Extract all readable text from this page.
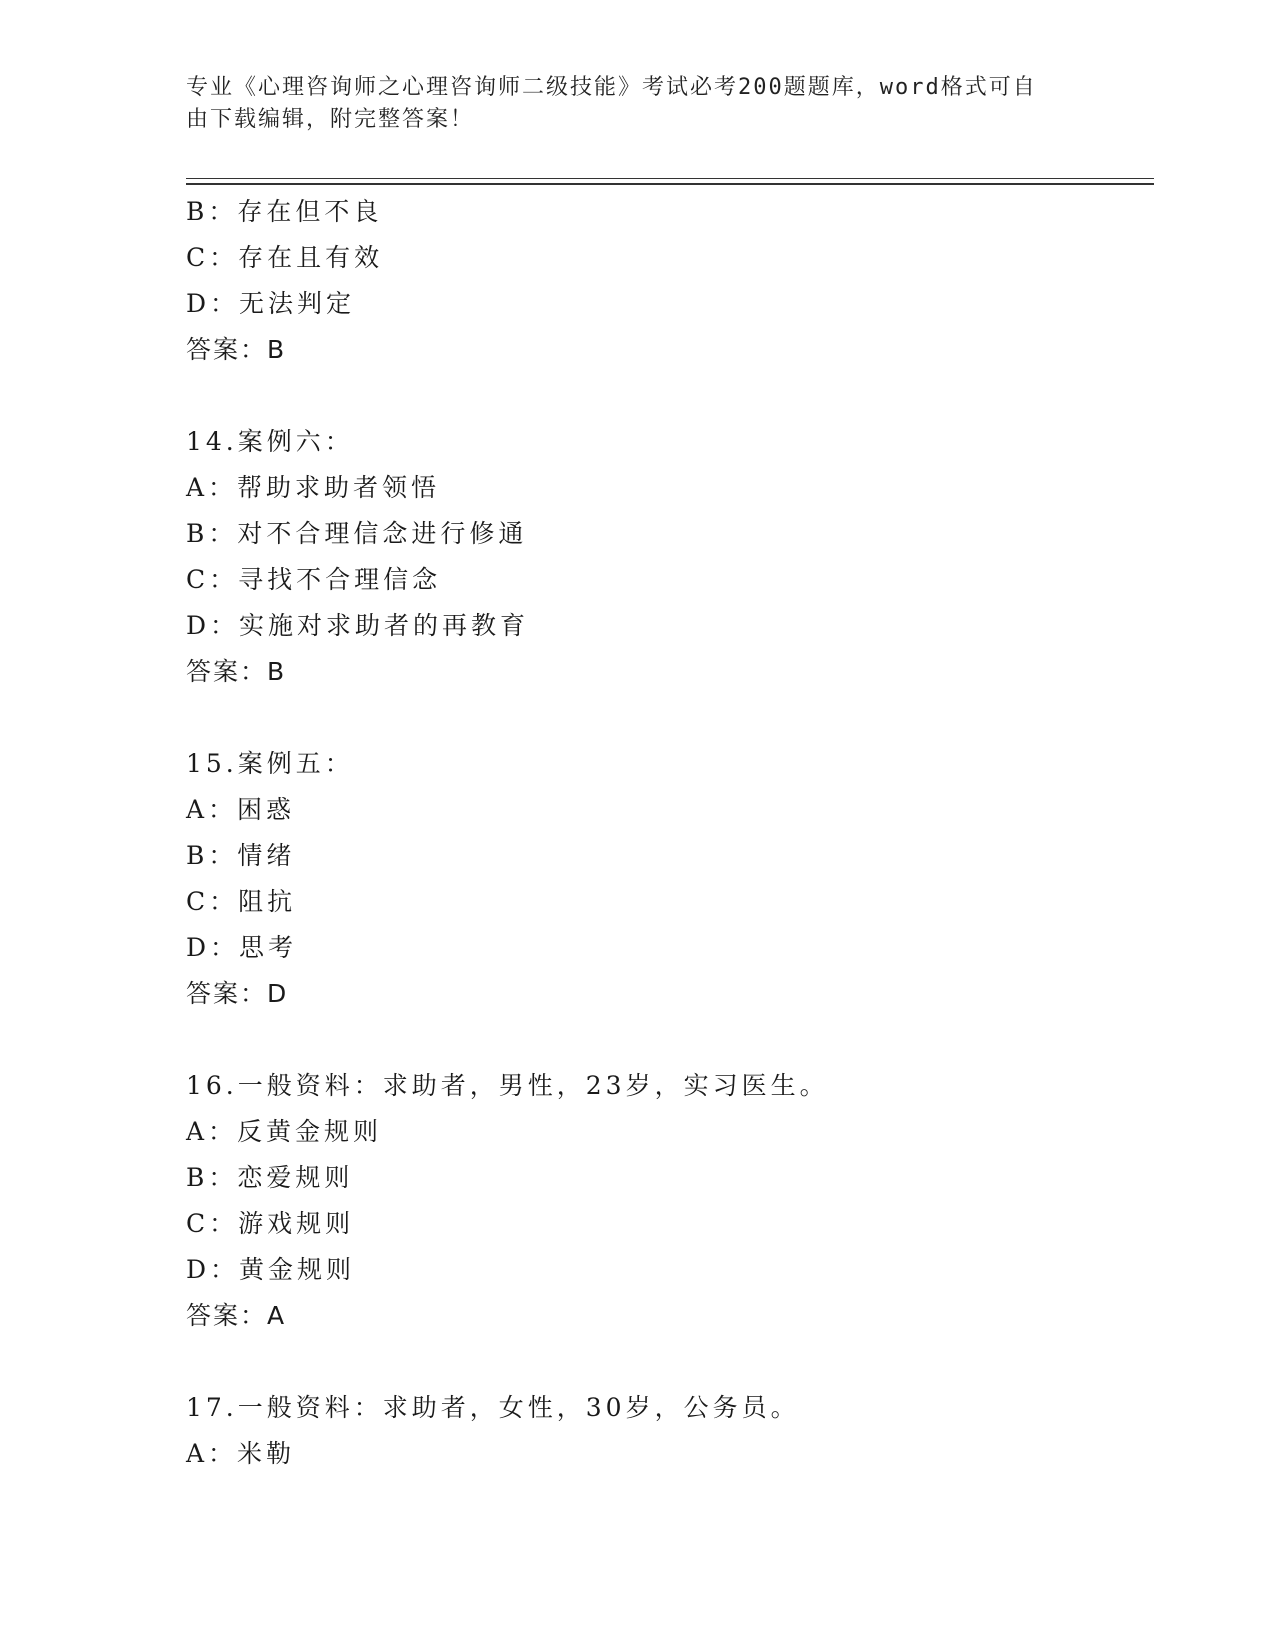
专业《心理咨询师之心理咨询师二级技能》考试必考200题题库，word格式可自
由下载编辑，附完整答案！
B：存在但不良
C：存在且有效
D：无法判定
答案：B
14.案例六：
A：帮助求助者领悟
B：对不合理信念进行修通
C：寻找不合理信念
D：实施对求助者的再教育
答案：B
15.案例五：
A：困惑
B：情绪
C：阻抗
D：思考
答案：D
16.一般资料：求助者，男性，23岁，实习医生。
A：反黄金规则
B：恋爱规则
C：游戏规则
D：黄金规则
答案：A
17.一般资料：求助者，女性，30岁，公务员。
A：米勒
